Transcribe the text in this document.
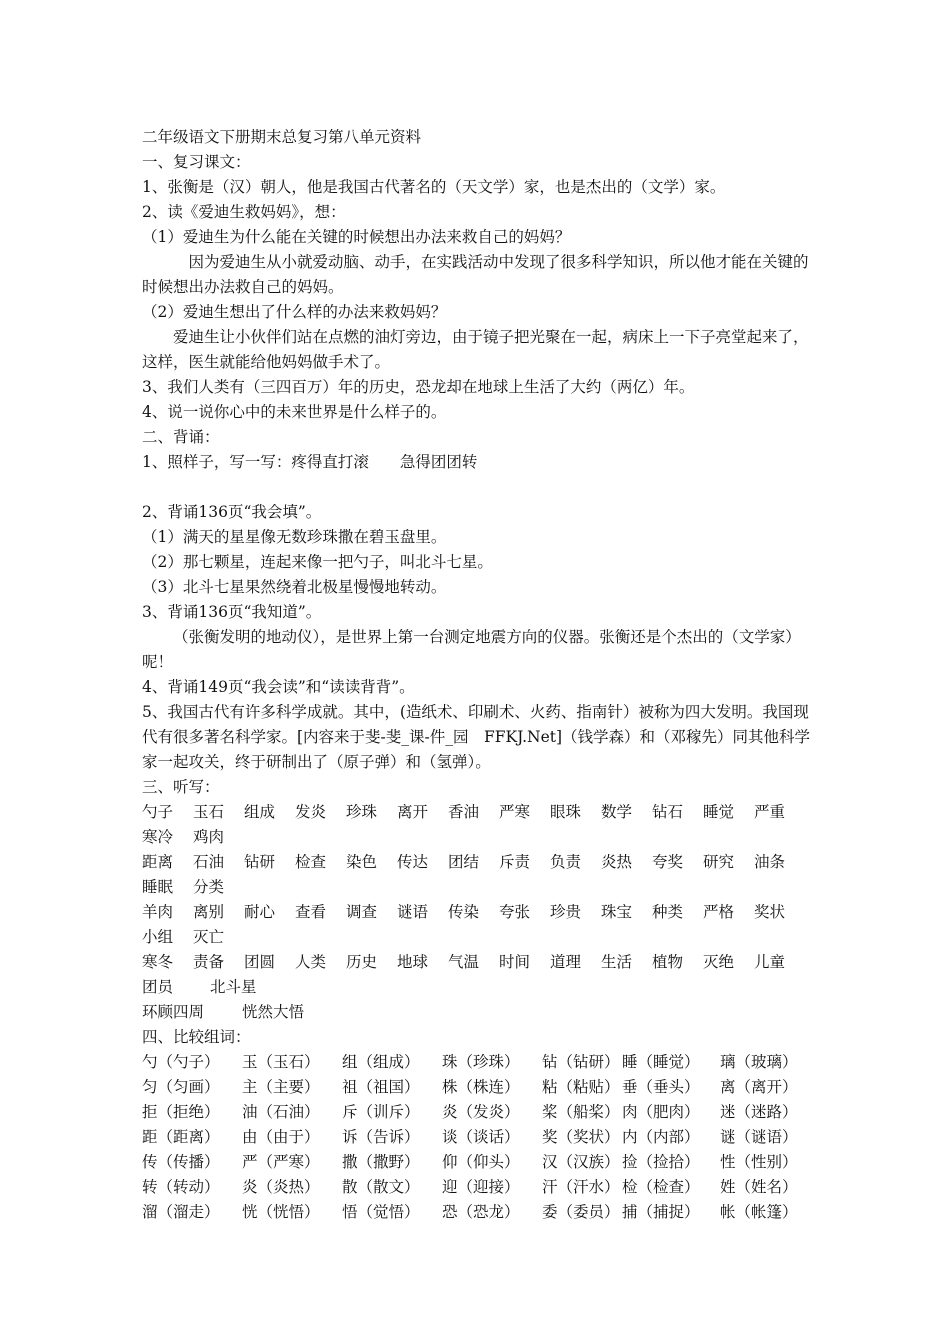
二年级语文下册期末总复习第八单元资料
一、复习课文：
1、张衡是（汉）朝人，他是我国古代著名的（天文学）家，也是杰出的（文学）家。
2、读《爱迪生救妈妈》，想：
（1）爱迪生为什么能在关键的时候想出办法来救自己的妈妈？
因为爱迪生从小就爱动脑、动手，在实践活动中发现了很多科学知识，所以他才能在关键的时候想出办法救自己的妈妈。
（2）爱迪生想出了什么样的办法来救妈妈？
爱迪生让小伙伴们站在点燃的油灯旁边，由于镜子把光聚在一起，病床上一下子亮堂起来了，这样，医生就能给他妈妈做手术了。
3、我们人类有（三四百万）年的历史，恐龙却在地球上生活了大约（两亿）年。
4、说一说你心中的未来世界是什么样子的。
二、背诵：
1、照样子，写一写：疼得直打滚　　急得团团转
2、背诵136页“我会填”。
（1）满天的星星像无数珍珠撒在碧玉盘里。
（2）那七颗星，连起来像一把勺子，叫北斗七星。
（3）北斗七星果然绕着北极星慢慢地转动。
3、背诵136页“我知道”。
（张衡发明的地动仪），是世界上第一台测定地震方向的仪器。张衡还是个杰出的（文学家）呢！
4、背诵149页“我会读”和“读读背背”。
5、我国古代有许多科学成就。其中，(造纸术、印刷术、火药、指南针）被称为四大发明。我国现代有很多著名科学家。[内容来于斐-斐_课-件_园　FFKJ.Net]（钱学森）和（邓稼先）同其他科学家一起攻关，终于研制出了（原子弹）和（氢弹）。
三、听写：
勺子 玉石 组成 发炎 珍珠 离开 香油 严寒 眼珠 数学 钻石 睡觉 严重
寒冷 鸡肉
距离 石油 钻研 检查 染色 传达 团结 斥责 负责 炎热 夸奖 研究 油条
睡眠 分类
羊肉 离别 耐心 查看 调查 谜语 传染 夸张 珍贵 珠宝 种类 严格 奖状
小组 灭亡
寒冬 责备 团圆 人类 历史 地球 气温 时间 道理 生活 植物 灭绝 儿童
团员 北斗星
环顾四周 恍然大悟
四、比较组词：
勺（勺子）	玉（玉石）	组（组成）	珠（珍珠）	钻（钻研） 睡（睡觉）	璃（玻璃）
匀（匀画）	主（主要）	祖（祖国）	株（株连）	粘（粘贴） 垂（垂头）	离（离开）
拒（拒绝）	油（石油）	斥（训斥）	炎（发炎）	桨（船桨） 肉（肥肉）	迷（迷路）
距（距离）	由（由于）	诉（告诉）	谈（谈话）	奖（奖状） 内（内部）	谜（谜语）
传（传播）	严（严寒）	撒（撒野）	仰（仰头）	汉（汉族） 捡（捡拾）	性（性别）
转（转动）	炎（炎热）	散（散文）	迎（迎接）	汗（汗水） 检（检查）	姓（姓名）
溜（溜走）	恍（恍悟）	悟（觉悟）	恐（恐龙）	委（委员） 捕（捕捉）	帐（帐篷）
